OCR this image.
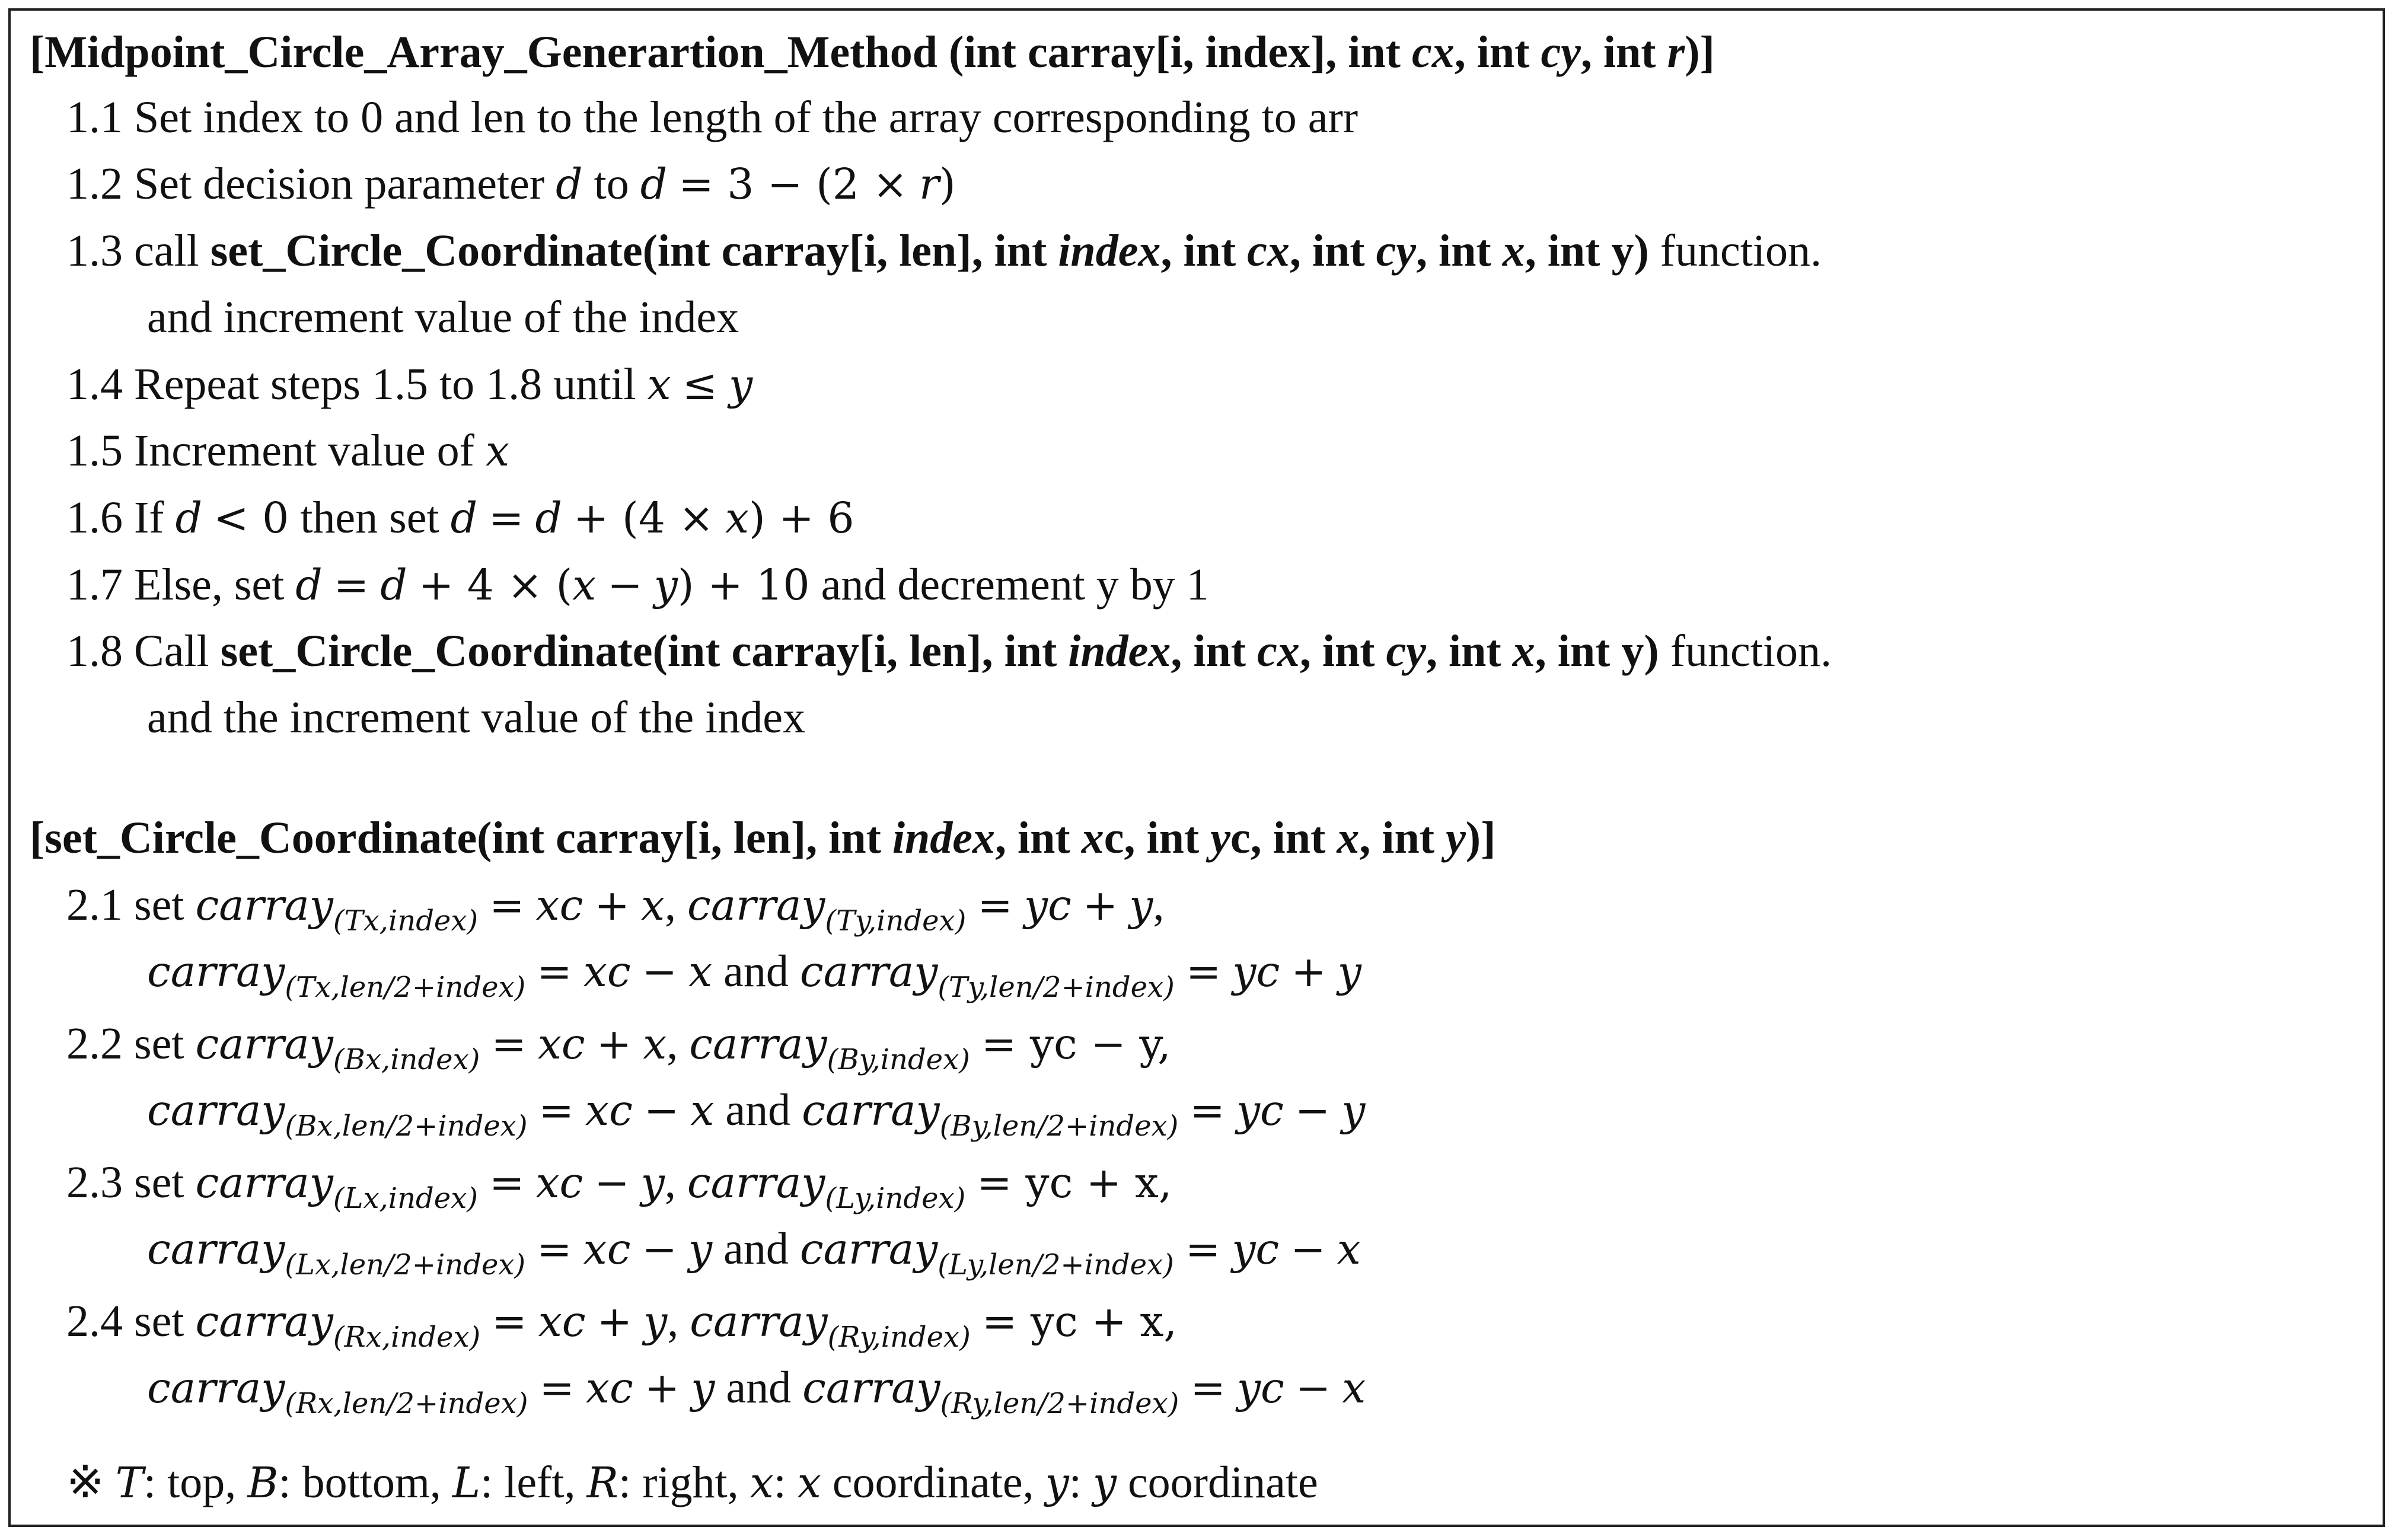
[Midpoint_Circle_Array_Generartion_Method (int carray[i, index], int cx, int cy, int r)]
1.1 Set index to 0 and len to the length of the array corresponding to arr
1.2 Set decision parameter d to d = 3 − (2 × r)
1.3 call set_Circle_Coordinate(int carray[i, len], int index, int cx, int cy, int x, int y) function.
and increment value of the index
1.4 Repeat steps 1.5 to 1.8 until x ≤ y
1.5 Increment value of x
1.6 If d < 0 then set d = d + (4 × x) + 6
1.7 Else, set d = d + 4 × (x − y) + 10 and decrement y by 1
1.8 Call set_Circle_Coordinate(int carray[i, len], int index, int cx, int cy, int x, int y) function.
and the increment value of the index
[set_Circle_Coordinate(int carray[i, len], int index, int xc, int yc, int x, int y)]
2.1 set carray$_{(Tx,index)}$ = xc + x, carray$_{(Ty,index)}$ = yc + y,
carray$_{(Tx,len/2+index)}$ = xc − x and carray$_{(Ty,len/2+index)}$ = yc + y
2.2 set carray$_{(Bx,index)}$ = xc + x, carray$_{(By,index)}$ = yc − y,
carray$_{(Bx,len/2+index)}$ = xc − x and carray$_{(By,len/2+index)}$ = yc − y
2.3 set carray$_{(Lx,index)}$ = xc − y, carray$_{(Ly,index)}$ = yc + x,
carray$_{(Lx,len/2+index)}$ = xc − y and carray$_{(Ly,len/2+index)}$ = yc − x
2.4 set carray$_{(Rx,index)}$ = xc + y, carray$_{(Ry,index)}$ = yc + x,
carray$_{(Rx,len/2+index)}$ = xc + y and carray$_{(Ry,len/2+index)}$ = yc − x
※ T: top, B: bottom, L: left, R: right, x: x coordinate, y: y coordinate
